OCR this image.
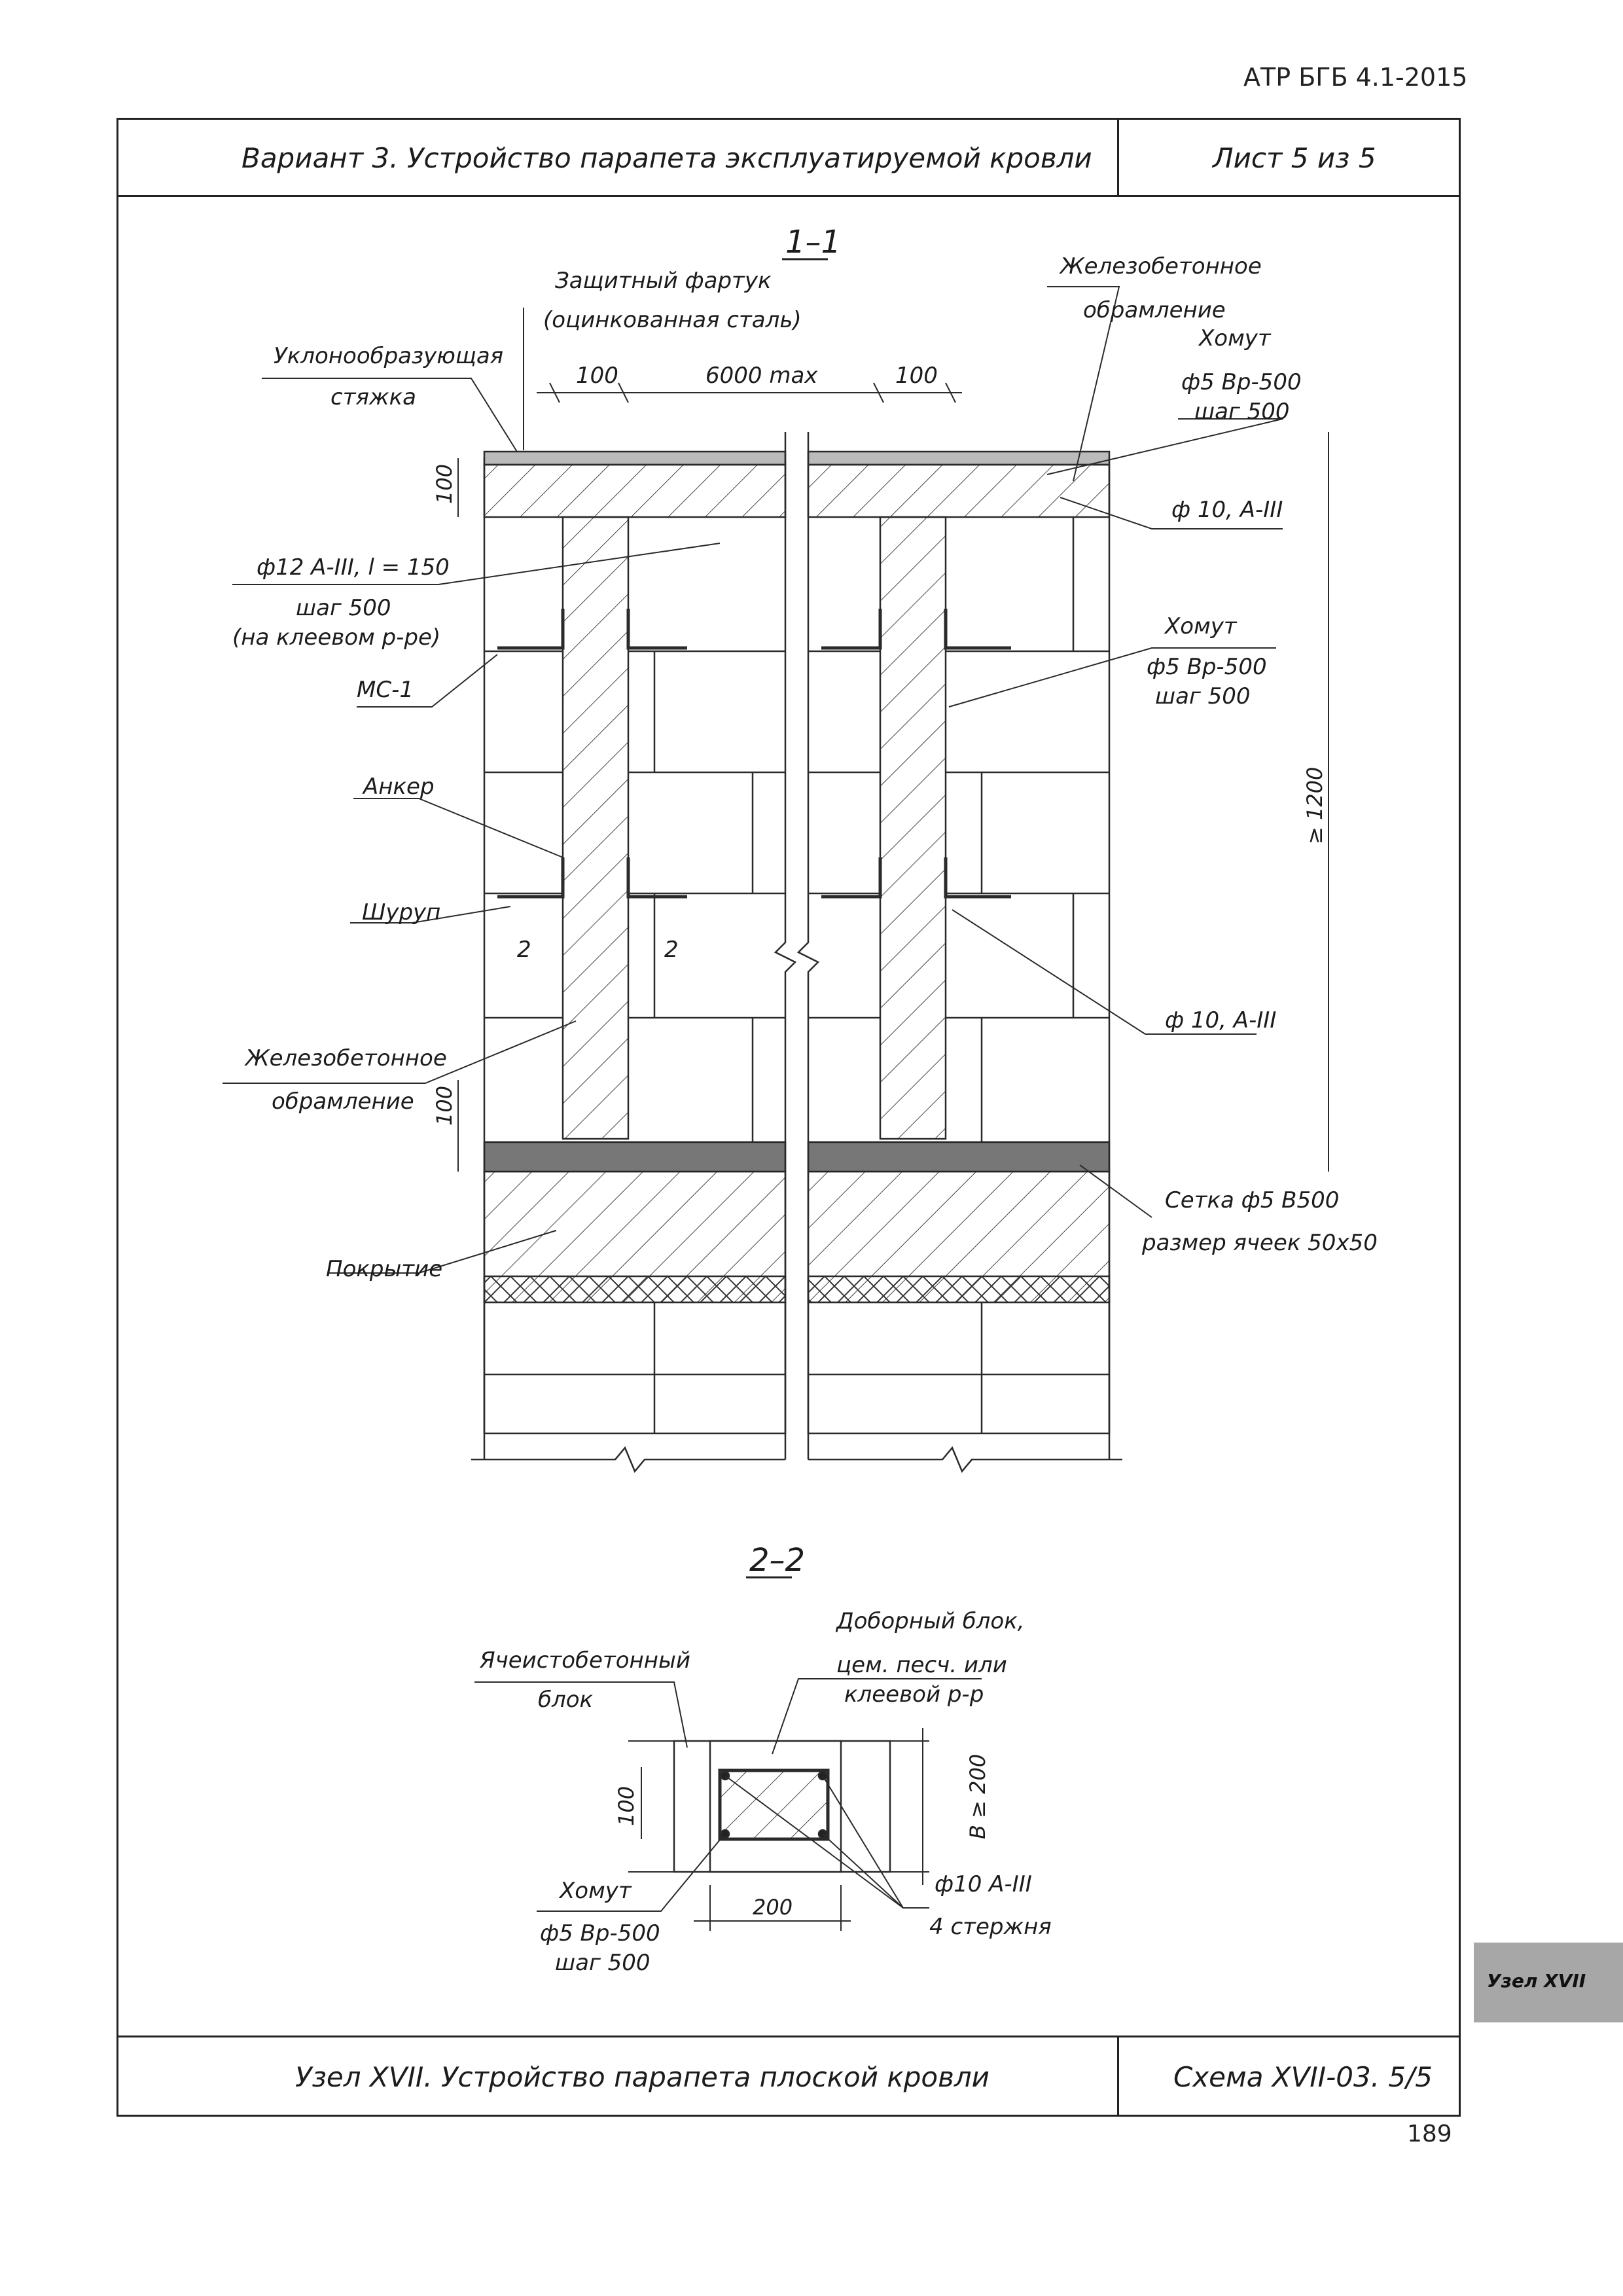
АТР БГБ 4.1-2015
Вариант 3. Устройство парапета эксплуатируемой кровли	Лист 5 из 5
Узел XVII. Устройство парапета плоской кровли	Схема XVII-03. 5/5
Узел XVII
189
1–1
Защитный фартук
(оцинкованная сталь)
Железобетонное
обрамление
Уклонообразующая
стяжка
Хомут
ф5 Вр-500
шаг 500
ф 10, А-III
ф12 А-III, l = 150
шаг 500
(на клеевом р-ре)
МС-1
Хомут
ф5 Вр-500
шаг 500
Анкер
Шуруп
2	2
ф 10, А-III
Железобетонное
обрамление
Сетка ф5 В500
размер ячеек 50х50
Покрытие
100	6000 max	100
100
100
≥ 1200
2–2
Ячеистобетонный
блок
Доборный блок,
цем. песч. или
клеевой р-р
Хомут
ф5 Вр-500
шаг 500
ф10 А-III
4 стержня
100
200
B ≥ 200
